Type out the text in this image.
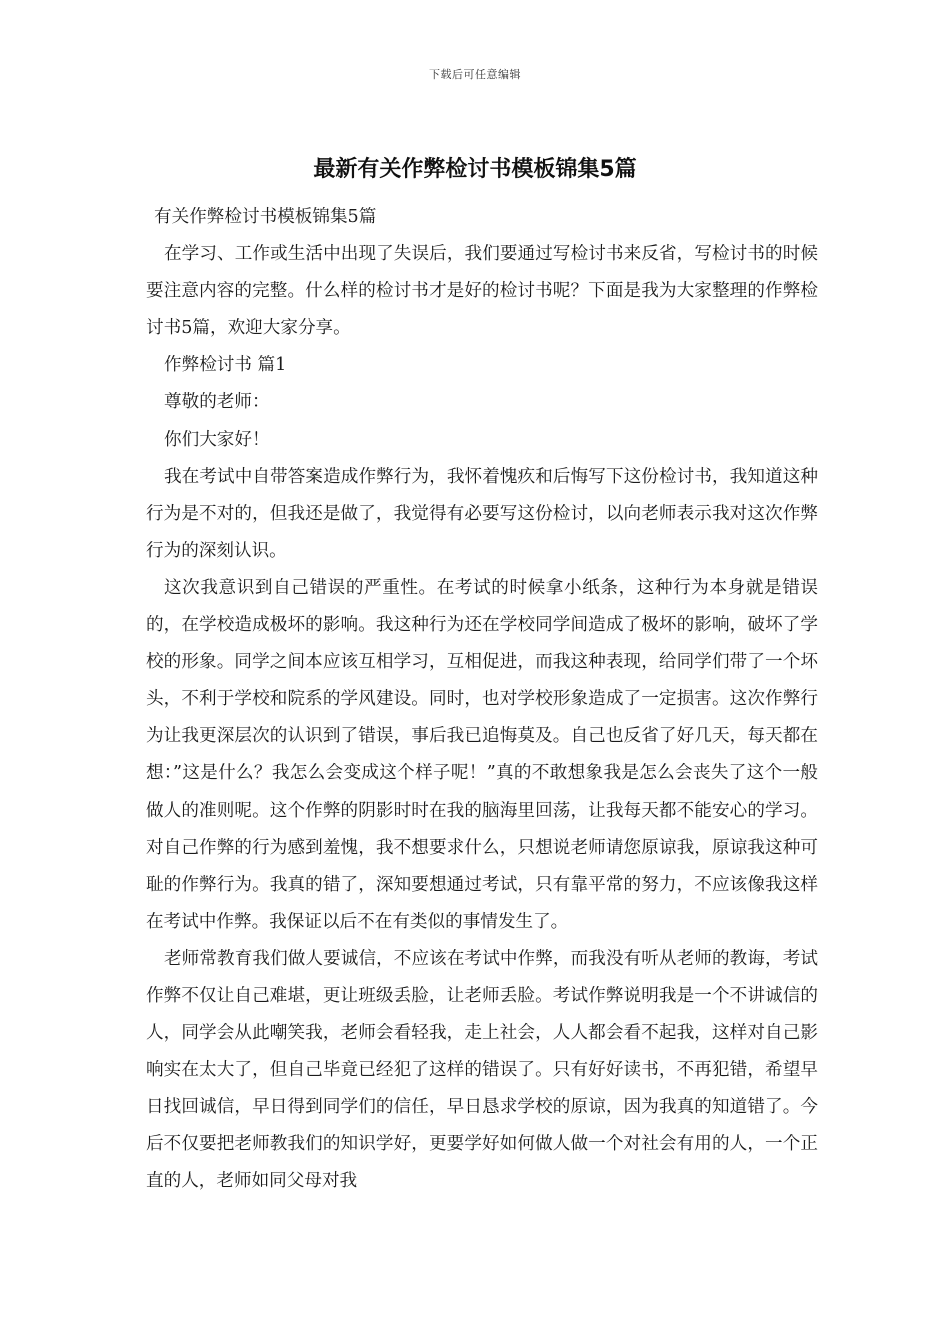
下载后可任意编辑
最新有关作弊检讨书模板锦集5篇

有关作弊检讨书模板锦集5篇

在学习、工作或生活中出现了失误后，我们要通过写检讨书来反省，写检讨书的时候要注意内容的完整。什么样的检讨书才是好的检讨书呢？下面是我为大家整理的作弊检讨书5篇，欢迎大家分享。

作弊检讨书 篇1

尊敬的老师：

你们大家好！

我在考试中自带答案造成作弊行为，我怀着愧疚和后悔写下这份检讨书，我知道这种行为是不对的，但我还是做了，我觉得有必要写这份检讨，以向老师表示我对这次作弊行为的深刻认识。

这次我意识到自己错误的严重性。在考试的时候拿小纸条，这种行为本身就是错误的，在学校造成极坏的影响。我这种行为还在学校同学间造成了极坏的影响，破坏了学校的形象。同学之间本应该互相学习，互相促进，而我这种表现，给同学们带了一个坏头，不利于学校和院系的学风建设。同时，也对学校形象造成了一定损害。这次作弊行为让我更深层次的认识到了错误，事后我已追悔莫及。自己也反省了好几天，每天都在想：”这是什么？我怎么会变成这个样子呢！”真的不敢想象我是怎么会丧失了这个一般做人的准则呢。这个作弊的阴影时时在我的脑海里回荡，让我每天都不能安心的学习。对自己作弊的行为感到羞愧，我不想要求什么，只想说老师请您原谅我，原谅我这种可耻的作弊行为。我真的错了，深知要想通过考试，只有靠平常的努力，不应该像我这样在考试中作弊。我保证以后不在有类似的事情发生了。

老师常教育我们做人要诚信，不应该在考试中作弊，而我没有听从老师的教诲，考试作弊不仅让自己难堪，更让班级丢脸，让老师丢脸。考试作弊说明我是一个不讲诚信的人，同学会从此嘲笑我，老师会看轻我，走上社会，人人都会看不起我，这样对自己影响实在太大了，但自己毕竟已经犯了这样的错误了。只有好好读书，不再犯错，希望早日找回诚信，早日得到同学们的信任，早日恳求学校的原谅，因为我真的知道错了。今后不仅要把老师教我们的知识学好，更要学好如何做人做一个对社会有用的人，一个正直的人，老师如同父母对我
